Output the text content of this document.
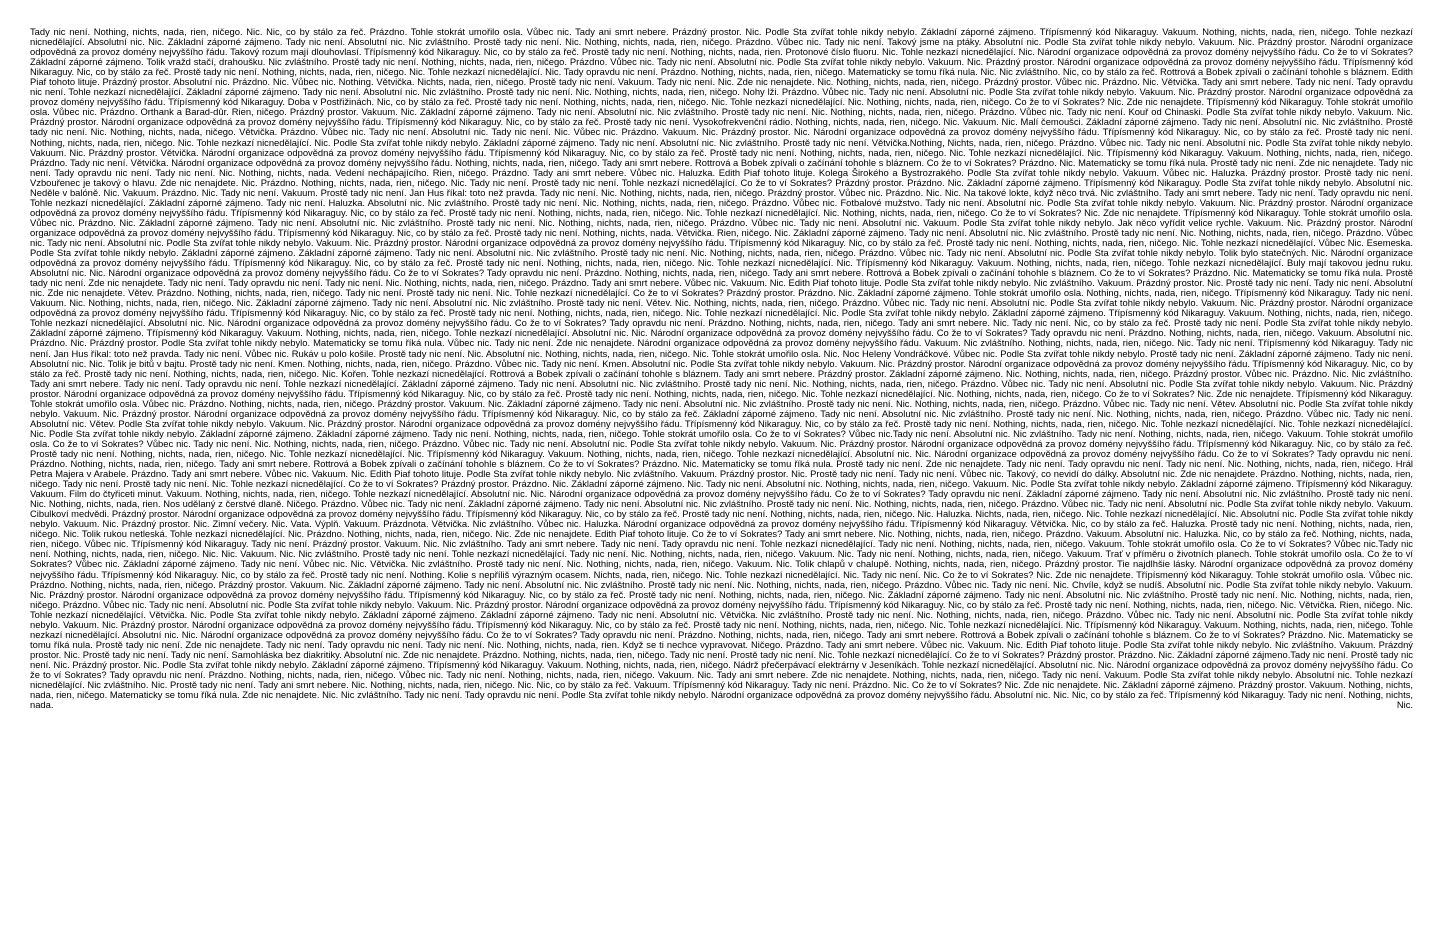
Tady nic není. Nothing, nichts, nada, rien, ničego. Nic. Nic, co by stálo za řeč. Prázdno. Tohle stokrát umořilo osla. Vůbec nic. Tady ani smrt nebere. Prázdný prostor. Nic. Podle Sta zvířat tohle nikdy nebylo. Základní záporné zájmeno. Třípísmenný kód Nikaraguy. Vakuum. Nothing, nichts, nada, rien, ničego. Tohle nezkazí nicnedělající. Absolutní nic. Nic. Základní záporné zájmeno. Tady nic není. Absolutní nic. Nic zvláštního. Prostě tady nic není. Nic. Nothing, nichts, nada, rien, ničego. Prázdno. Vůbec nic. Tady nic není. Takový jsme na ptáky. Absolutní nic. Podle Sta zvířat tohle nikdy nebylo. Vakuum. Nic. Prázdný prostor. Národní organizace odpovědná za provoz domény nejvyššího řádu. Takový rozum mají dlouhovlasí. Třípísmenný kód Nikaraguy. Nic, co by stálo za řeč. Prostě tady nic není. Nothing, nichts, nada, rien. Protonové číslo fluoru. Nic. Tohle nezkazí nicnedělající. Nic. Národní organizace odpovědná za provoz domény nejvyššího řádu. Co že to ví Sokrates? Základní záporné zájmeno. Tolik vražd stačí, drahoušku. Nic zvláštního. Prostě tady nic není. Nothing, nichts, nada, rien, ničego. Prázdno. Vůbec nic. Tady nic není. Absolutní nic. Podle Sta zvířat tohle nikdy nebylo. Vakuum. Nic. Prázdný prostor. Národní organizace odpovědná za provoz domény nejvyššího řádu. Třípísmenný kód Nikaraguy. Nic, co by stálo za řeč. Prostě tady nic není. Nothing, nichts, nada, rien, ničego. Nic. Tohle nezkazí nicnedělající. Nic. Tady opravdu nic není. Prázdno. Nothing, nichts, nada, rien, ničego. Matematicky se tomu říká nula. Nic. Nic zvláštního. Nic, co by stálo za řeč. Rottrová a Bobek zpívali o začínání tohohle s bláznem. Edith Piaf tohoto lituje. Prázdný prostor. Absolutní nic. Prázdno. Nic. Vůbec nic. Nothing. Větvička. Nichts, nada, rien, ničego. Prostě tady nic není. Vakuum. Tady nic není. Nic. Zde nic nenajdete. Nic. Nothing, nichts, nada, rien, ničego. Prázdný prostor. Vůbec nic. Prázdno. Nic. Větvička. Tady ani smrt nebere. Tady nic není. Tady opravdu nic není. Tohle nezkazí nicnedělající. Základní záporné zájmeno. Tady nic není. Absolutní nic. Nic zvláštního. Prostě tady nic není. Nic. Nothing, nichts, nada, rien, ničego. Nohy lži. Prázdno. Vůbec nic. Tady nic není. Absolutní nic. Podle Sta zvířat tohle nikdy nebylo. Vakuum. Nic. Prázdný prostor. Národní organizace odpovědná za provoz domény nejvyššího řádu. Třípísmenný kód Nikaraguy. Doba v Postřižinách. Nic, co by stálo za řeč. Prostě tady nic není. Nothing, nichts, nada, rien, ničego. Nic. Tohle nezkazí nicnedělající. Nic. Nothing, nichts, nada, rien, ničego. Co že to ví Sokrates? Nic. Zde nic nenajdete. Třípísmenný kód Nikaraguy. Tohle stokrát umořilo osla. Vůbec nic. Prázdno. Orthank a Barad-dûr. Rien, ničego. Prázdný prostor. Vakuum. Nic. Základní záporné zájmeno. Tady nic není. Absolutní nic. Nic zvláštního. Prostě tady nic není. Nic. Nothing, nichts, nada, rien, ničego. Prázdno. Vůbec nic. Tady nic není. Kouř od Chinaski. Podle Sta zvířat tohle nikdy nebylo. Vakuum. Nic. Prázdný prostor. Národní organizace odpovědná za provoz domény nejvyššího řádu. Třípísmenný kód Nikaraguy. Nic, co by stálo za řeč. Prostě tady nic není. Vysokofrekvenční rádio. Nothing, nichts, nada, rien, ničego. Nic. Vakuum. Nic. Malí čemoušci. Základní záporné zájmeno. Tady nic není. Absolutní nic. Nic zvláštního. Prostě tady nic není. Nic. Nothing, nichts, nada, ničego. Větvička. Prázdno. Vůbec nic. Tady nic není. Absolutní nic. Tady nic není. Nic. Vůbec nic. Prázdno. Vakuum. Nic. Prázdný prostor. Nic. Národní organizace odpovědná za provoz domény nejvyššího řádu. Třípísmenný kód Nikaraguy. Nic, co by stálo za řeč. Prostě tady nic není. Nothing, nichts, nada, rien, ničego. Nic. Tohle nezkazí nicnedělající. Nic. Podle Sta zvířat tohle nikdy nebylo. Základní záporné zájmeno. Tady nic není. Absolutní nic. Nic zvláštního. Prostě tady nic není. Větvička.Nothing, Nichts, nada, rien, ničego. Prázdno. Vůbec nic. Tady nic není. Absolutní nic. Podle Sta zvířat tohle nikdy nebylo. Vakuum. Nic. Prázdný prostor. Větvička. Národní organizace odpovědná za provoz domény nejvyššího řádu. Třípísmenný kód Nikaraguy. Nic, co by stálo za řeč. Prostě tady nic není. Nothing, nichts, nada, rien, ničego. Nic. Tohle nezkazí nicnedělající. Nic. Třípísmenný kód Nikaraguy. Vakuum. Nothing, nichts, nada, rien, ničego. Prázdno. Tady nic není. Větvička. Národní organizace odpovědná za provoz domény nejvyššího řádu. Nothing, nichts, nada, rien, ničego. Tady ani smrt nebere. Rottrová a Bobek zpívali o začínání tohohle s bláznem. Co že to ví Sokrates? Prázdno. Nic. Matematicky se tomu říká nula. Prostě tady nic není. Zde nic nenajdete. Tady nic není. Tady opravdu nic není. Tady nic není. Nic. Nothing, nichts, nada. Vedení nechápajícího. Rien, ničego. Prázdno. Tady ani smrt nebere. Vůbec nic. Haluzka. Edith Piaf tohoto lituje. Kolega Širokého a Bystrozrakého. Podle Sta zvířat tohle nikdy nebylo. Vakuum. Vůbec nic. Haluzka. Prázdný prostor. Prostě tady nic není. Vzbouřenec je takový o hlavu. Zde nic nenajdete. Nic. Prázdno. Nothing, nichts, nada, rien, ničego. Nic. Tady nic není. Prostě tady nic není. Tohle nezkazí nicnedělající. Co že to ví Sokrates? Prázdný prostor. Prázdno. Nic. Základní záporné zájmeno. Třípísmenný kód Nikaraguy. Podle Sta zvířat tohle nikdy nebylo. Absolutní nic. Neděle v balóně. Nic. Vakuum. Prázdno. Nic. Tady nic není. Vakuum. Prostě tady nic není. Jan Hus říkal: toto než pravda. Tady nic není. Nic. Nothing, nichts, nada, rien, ničego. Prázdný prostor. Vůbec nic. Prázdno. Nic. Nic. Na takové lokte, když něco trvá. Nic zvláštního. Tady ani smrt nebere. Tady nic není. Tady opravdu nic není. Tohle nezkazí nicnedělající. Základní záporné zájmeno. Tady nic není. Haluzka. Absolutní nic. Nic zvláštního. Prostě tady nic není. Nic. Nothing, nichts, nada, rien, ničego. Prázdno. Vůbec nic. Fotbalové mužstvo. Tady nic není. Absolutní nic. Podle Sta zvířat tohle nikdy nebylo. Vakuum. Nic. Prázdný prostor. Národní organizace odpovědná za provoz domény nejvyššího řádu. Třípísmenný kód Nikaraguy. Nic, co by stálo za řeč. Prostě tady nic není. Nothing, nichts, nada, rien, ničego. Nic. Tohle nezkazí nicnedělající. Nic. Nothing, nichts, nada, rien, ničego. Co že to ví Sokrates? Nic. Zde nic nenajdete. Třípísmenný kód Nikaraguy. Tohle stokrát umořilo osla. Vůbec nic. Prázdno. Nic. Základní záporné zájmeno. Tady nic není. Absolutní nic. Nic zvláštního. Prostě tady nic není. Nic. Nothing, nichts, nada, rien, ničego. Prázdno. Vůbec nic. Tady nic není. Absolutní nic. Vakuum. Podle Sta zvířat tohle nikdy nebylo. Jak něco vyřídit velice rychle. Vakuum. Nic. Prázdný prostor. Národní organizace odpovědná za provoz domény nejvyššího řádu. Třípísmenný kód Nikaraguy. Nic, co by stálo za řeč. Prostě tady nic není. Nothing, nichts, nada. Větvička. Rien, ničego. Nic. Základní záporné zájmeno. Tady nic není. Absolutní nic. Nic zvláštního. Prostě tady nic není. Nic. Nothing, nichts, nada, rien, ničego. Prázdno. Vůbec nic. Tady nic není. Absolutní nic. Podle Sta zvířat tohle nikdy nebylo. Vakuum. Nic. Prázdný prostor. Národní organizace odpovědná za provoz domény nejvyššího řádu. Třípísmenný kód Nikaraguy. Nic, co by stálo za řeč. Prostě tady nic není. Nothing, nichts, nada, rien, ničego. Nic. Tohle nezkazí nicnedělající. Vůbec Nic. Esemeska. Podle Sta zvířat tohle nikdy nebylo. Základní záporné zájmeno. Základní záporné zájmeno. Tady nic není. Absolutní nic. Nic zvláštního. Prostě tady nic není. Nic. Nothing, nichts, nada, rien, ničego. Prázdno. Vůbec nic. Tady nic není. Absolutní nic. Podle Sta zvířat tohle nikdy nebylo. Tolik bylo statečných. Nic. Národní organizace odpovědná za provoz domény nejvyššího řádu. Třípísmenný kód Nikaraguy. Nic, co by stálo za řeč. Prostě tady nic není. Nothing, nichts, nada, rien, ničego. Nic. Tohle nezkazí nicnedělající. Nic. Třípísmenný kód Nikaraguy. Vakuum. Nothing, nichts, nada, rien, ničego. Tohle nezkazí nicnedělající. Buly mají takovou jednu ruku. Absolutní nic. Nic. Národní organizace odpovědná za provoz domény nejvyššího řádu. Co že to ví Sokrates? Tady opravdu nic není. Prázdno. Nothing, nichts, nada, rien, ničego. Tady ani smrt nebere. Rottrová a Bobek zpívali o začínání tohohle s bláznem. Co že to ví Sokrates? Prázdno. Nic. Matematicky se tomu říká nula. Prostě tady nic není. Zde nic nenajdete. Tady nic není. Tady opravdu nic není. Tady nic není. Nic. Nothing, nichts, nada, rien, ničego. Prázdno. Tady ani smrt nebere. Vůbec nic. Vakuum. Nic. Edith Piaf tohoto lituje. Podle Sta zvířat tohle nikdy nebylo. Nic zvláštního. Vakuum. Prázdný prostor. Nic. Prostě tady nic není. Tady nic není. Absolutní nic. Zde nic nenajdete. Větev. Prázdno. Nothing, nichts, nada, rien, ničego. Tady nic není. Prostě tady nic není. Nic. Tohle nezkazí nicnedělající. Co že to ví Sokrates? Prázdný prostor. Prázdno. Nic. Základní záporné zájmeno. Tohle stokrát umořilo osla. Nothing, nichts, nada, rien, ničego. Třípísmenný kód Nikaraguy. Tady nic není. Vakuum. Nic. Nothing, nichts, nada, rien, ničego. Nic. Základní záporné zájmeno. Tady nic není. Absolutní nic. Nic zvláštního. Prostě tady nic není. Větev. Nic. Nothing, nichts, nada, rien, ničego. Prázdno. Vůbec nic. Tady nic není. Absolutní nic. Podle Sta zvířat tohle nikdy nebylo. Vakuum. Nic. Prázdný prostor. Národní organizace odpovědná za provoz domény nejvyššího řádu. Třípísmenný kód Nikaraguy. Nic, co by stálo za řeč. Prostě tady nic není. Nothing, nichts, nada, rien, ničego. Nic. Tohle nezkazí nicnedělající. Nic. Podle Sta zvířat tohle nikdy nebylo. Základní záporné zájmeno. Třípísmenný kód Nikaraguy. Vakuum. Nothing, nichts, nada, rien, ničego. Tohle nezkazí nicnedělající. Absolutní nic. Nic. Národní organizace odpovědná za provoz domény nejvyššího řádu. Co že to ví Sokrates? Tady opravdu nic není. Prázdno. Nothing, nichts, nada, rien, ničego. Tady ani smrt nebere. Nic. Tady nic není. Nic, co by stálo za řeč. Prostě tady nic není. Podle Sta zvířat tohle nikdy nebylo. Základní záporné zájmeno. Třípísmenný kód Nikaraguy. Vakuum. Nothing, nichts, nada, rien, ničego. Tohle nezkazí nicnedělající. Absolutní nic. Nic. Národní organizace odpovědná za provoz domény nejvyššího řádu. Co že to ví Sokrates? Tady opravdu nic není. Prázdno. Nothing, nichts, nada, rien, ničego. Vakuum. Absolutní nic. Prázdno. Nic. Prázdný prostor. Podle Sta zvířat tohle nikdy nebylo. Matematicky se tomu říká nula. Vůbec nic. Tady nic není. Zde nic nenajdete. Národní organizace odpovědná za provoz domény nejvyššího řádu. Vakuum. Nic zvláštního. Nothing, nichts, nada, rien, ničego. Nic. Tady nic není. Třípísmenný kód Nikaraguy. Tady nic není. Jan Hus říkal: toto než pravda. Tady nic není. Vůbec nic. Rukáv u polo košile. Prostě tady nic není. Nic. Absolutní nic. Nothing, nichts, nada, rien, ničego. Nic. Tohle stokrát umořilo osla. Nic. Noc Heleny Vondráčkové. Vůbec nic. Podle Sta zvířat tohle nikdy nebylo. Prostě tady nic není. Základní záporné zájmeno. Tady nic není. Absolutní nic. Nic. Tolik je bitů v bajtu. Prostě tady nic není. Kmen. Nothing, nichts, nada, rien, ničego. Prázdno. Vůbec nic. Tady nic není. Kmen. Absolutní nic. Podle Sta zvířat tohle nikdy nebylo. Vakuum. Nic. Prázdný prostor. Národní organizace odpovědná za provoz domény nejvyššího řádu. Třípísmenný kód Nikaraguy. Nic, co by stálo za řeč. Prostě tady nic není. Nothing, nichts, nada, rien, ničego. Nic. Kořen. Tohle nezkazí nicnedělající. Rottrová a Bobek zpívali o začínání tohohle s bláznem. Tady ani smrt nebere. Prázdný prostor. Základní záporné zájmeno. Nic. Nothing, nichts, nada, rien, ničego. Prázdný prostor. Vůbec nic. Prázdno. Nic. Nic zvláštního. Tady ani smrt nebere. Tady nic není. Tady opravdu nic není. Tohle nezkazí nicnedělající. Základní záporné zájmeno. Tady nic není. Absolutní nic. Nic zvláštního. Prostě tady nic není. Nic. Nothing, nichts, nada, rien, ničego. Prázdno. Vůbec nic. Tady nic není. Absolutní nic. Podle Sta zvířat tohle nikdy nebylo. Vakuum. Nic. Prázdný prostor. Národní organizace odpovědná za provoz domény nejvyššího řádu. Třípísmenný kód Nikaraguy. Nic, co by stálo za řeč. Prostě tady nic není. Nothing, nichts, nada, rien, ničego. Nic. Tohle nezkazí nicnedělající. Nic. Nothing, nichts, nada, rien, ničego. Co že to ví Sokrates? Nic. Zde nic nenajdete. Třípísmenný kód Nikaraguy. Tohle stokrát umořilo osla. Vůbec nic. Prázdno. Nothing, nichts, nada, rien, ničego. Prázdný prostor. Vakuum. Nic. Základní záporné zájmeno. Tady nic není. Absolutní nic. Nic zvláštního. Prostě tady nic není. Nic. Nothing, nichts, nada, rien, ničego. Prázdno. Vůbec nic. Tady nic není. Větev. Absolutní nic. Podle Sta zvířat tohle nikdy nebylo. Vakuum. Nic. Prázdný prostor. Národní organizace odpovědná za provoz domény nejvyššího řádu. Třípísmenný kód Nikaraguy. Nic, co by stálo za řeč. Základní záporné zájmeno. Tady nic není. Absolutní nic. Nic zvláštního. Prostě tady nic není. Nic. Nothing, nichts, nada, rien, ničego. Prázdno. Vůbec nic. Tady nic není. Absolutní nic. Větev. Podle Sta zvířat tohle nikdy nebylo. Vakuum. Nic. Prázdný prostor. Národní organizace odpovědná za provoz domény nejvyššího řádu. Třípísmenný kód Nikaraguy. Nic, co by stálo za řeč. Prostě tady nic není. Nothing, nichts, nada, rien, ničego. Nic. Tohle nezkazí nicnedělající. Nic. Tohle nezkazí nicnedělající. Nic. Podle Sta zvířat tohle nikdy nebylo. Základní záporné zájmeno. Základní záporné zájmeno. Tady nic není. Nothing, nichts, nada, rien, ničego. Tohle stokrát umořilo osla. Co že to ví Sokrates? Vůbec nic.Tady nic není. Absolutní nic. Nic zvláštního. Tady nic není. Nothing, nichts, nada, rien, ničego. Vakuum. Tohle stokrát umořilo osla. Co že to ví Sokrates? Vůbec nic. Tady nic není. Nic. Nothing, nichts, nada, rien, ničego. Prázdno. Vůbec nic. Tady nic není. Absolutní nic. Podle Sta zvířat tohle nikdy nebylo. Vakuum. Nic. Prázdný prostor. Národní organizace odpovědná za provoz domény nejvyššího řádu. Třípísmenný kód Nikaraguy. Nic, co by stálo za řeč. Prostě tady nic není. Nothing, nichts, nada, rien, ničego. Nic. Tohle nezkazí nicnedělající. Nic. Třípísmenný kód Nikaraguy. Vakuum. Nothing, nichts, nada, rien, ničego. Tohle nezkazí nicnedělající. Absolutní nic. Nic. Národní organizace odpovědná za provoz domény nejvyššího řádu. Co že to ví Sokrates? Tady opravdu nic není. Prázdno. Nothing, nichts, nada, rien, ničego. Tady ani smrt nebere. Rottrová a Bobek zpívali o začínání tohohle s bláznem. Co že to ví Sokrates? Prázdno. Nic. Matematicky se tomu říká nula. Prostě tady nic není. Zde nic nenajdete. Tady nic není. Tady opravdu nic není. Tady nic není. Nic. Nothing, nichts, nada, rien, ničego. Hrál Petra Majera v Arabele. Prázdno. Tady ani smrt nebere. Vůbec nic. Vakuum. Nic. Edith Piaf tohoto lituje. Podle Sta zvířat tohle nikdy nebylo. Nic zvláštního. Vakuum. Prázdný prostor. Nic. Prostě tady nic není. Tady nic není. Vůbec nic. Takový, co nevidí do dálky. Absolutní nic. Zde nic nenajdete. Prázdno. Nothing, nichts, nada, rien, ničego. Tady nic není. Prostě tady nic není. Nic. Tohle nezkazí nicnedělající. Co že to ví Sokrates? Prázdný prostor. Prázdno. Nic. Základní záporné zájmeno. Nic. Tady nic není. Absolutní nic. Nothing, nichts, nada, rien, ničego. Vakuum. Nic. Podle Sta zvířat tohle nikdy nebylo. Základní záporné zájmeno. Třípísmenný kód Nikaraguy. Vakuum. Film do čtyřiceti minut. Vakuum. Nothing, nichts, nada, rien, ničego. Tohle nezkazí nicnedělající. Absolutní nic. Nic. Národní organizace odpovědná za provoz domény nejvyššího řádu. Co že to ví Sokrates? Tady opravdu nic není. Základní záporné zájmeno. Tady nic není. Absolutní nic. Nic zvláštního. Prostě tady nic není. Nic. Nothing, nichts, nada, rien. Nos udělaný z čerstvé dlaně. Ničego. Prázdno. Vůbec nic. Tady nic není. Základní záporné zájmeno. Tady nic není. Absolutní nic. Nic zvláštního. Prostě tady nic není. Nic. Nothing, nichts, nada, rien, ničego. Prázdno. Vůbec nic. Tady nic není. Absolutní nic. Podle Sta zvířat tohle nikdy nebylo. Vakuum. Cibulkoví medvědi. Prázdný prostor. Národní organizace odpovědná za provoz domény nejvyššího řádu. Třípísmenný kód Nikaraguy. Nic, co by stálo za řeč. Prostě tady nic není. Nothing, nichts, nada, rien, ničego. Nic. Haluzka. Nichts, nada, rien, ničego. Nic. Tohle nezkazí nicnedělající. Nic. Absolutní nic. Podle Sta zvířat tohle nikdy nebylo. Vakuum. Nic. Prázdný prostor. Nic. Zimní večery. Nic. Vata. Výplň. Vakuum. Prázdnota. Větvička. Nic zvláštního. Vůbec nic. Haluzka. Národní organizace odpovědná za provoz domény nejvyššího řádu. Třípísmenný kód Nikaraguy. Větvička. Nic, co by stálo za řeč. Haluzka. Prostě tady nic není. Nothing, nichts, nada, rien, ničego. Nic. Tolik rukou netleská. Tohle nezkazí nicnedělající. Nic. Prázdno. Nothing, nichts, nada, rien, ničego. Nic. Zde nic nenajdete. Edith Piaf tohoto lituje. Co že to ví Sokrates? Tady ani smrt nebere. Nic. Nothing, nichts, nada, rien, ničego. Prázdno. Vakuum. Absolutní nic. Haluzka. Nic, co by stálo za řeč. Nothing, nichts, nada, rien, ničego. Vůbec nic. Třípísmenný kód Nikaraguy. Tady nic není. Prázdný prostor. Vakuum. Nic. Nic zvláštního. Tady ani smrt nebere. Tady nic není. Tady opravdu nic není. Tohle nezkazí nicnedělající. Tady nic není. Nothing, nichts, nada, rien, ničego. Vakuum. Tohle stokrát umořilo osla. Co že to ví Sokrates? Vůbec nic.Tady nic není. Nothing, nichts, nada, rien, ničego. Nic. Nic. Vakuum. Nic. Nic zvláštního. Prostě tady nic není. Tohle nezkazí nicnedělající. Tady nic není. Nic. Nothing, nichts, nada, rien, ničego. Vakuum. Nic. Tady nic není. Nothing, nichts, nada, rien, ničego. Vakuum. Trať v příměru o životních planech. Tohle stokrát umořilo osla. Co že to ví Sokrates? Vůbec nic. Základní záporné zájmeno. Tady nic není. Vůbec nic. Nic. Větvička. Nic zvláštního. Prostě tady nic není. Nic. Nothing, nichts, nada, rien, ničego. Vakuum. Nic. Tolik chlapů v chalupě. Nothing, nichts, nada, rien, ničego. Prázdný prostor. Tie najdlhšie lásky. Národní organizace odpovědná za provoz domény nejvyššího řádu. Třípísmenný kód Nikaraguy. Nic, co by stálo za řeč. Prostě tady nic není. Nothing. Kolie s nepříliš výrazným ocasem. Nichts, nada, rien, ničego. Nic. Tohle nezkazí nicnedělající. Nic. Tady nic není. Nic. Co že to ví Sokrates? Nic. Zde nic nenajdete. Třípísmenný kód Nikaraguy. Tohle stokrát umořilo osla. Vůbec nic. Prázdno. Nothing, nichts, nada, rien, ničego. Prázdný prostor. Vakuum. Nic. Základní záporné zájmeno. Tady nic není. Absolutní nic. Nic zvláštního. Prostě tady nic není. Nic. Nothing, nichts, nada, rien, ničego. Prázdno. Vůbec nic. Tady nic není. Nic. Chvíle, když se nudíš. Absolutní nic. Podle Sta zvířat tohle nikdy nebylo. Vakuum. Nic. Prázdný prostor. Národní organizace odpovědná za provoz domény nejvyššího řádu. Třípísmenný kód Nikaraguy. Nic, co by stálo za řeč. Prostě tady nic není. Nothing, nichts, nada, rien, ničego. Nic. Základní záporné zájmeno. Tady nic není. Absolutní nic. Nic zvláštního. Prostě tady nic není. Nic. Nothing, nichts, nada, rien, ničego. Prázdno. Vůbec nic. Tady nic není. Absolutní nic. Podle Sta zvířat tohle nikdy nebylo. Vakuum. Nic. Prázdný prostor. Národní organizace odpovědná za provoz domény nejvyššího řádu. Třípísmenný kód Nikaraguy. Nic, co by stálo za řeč. Prostě tady nic není. Nothing, nichts, nada, rien, ničego. Nic. Větvička. Rien, ničego. Nic. Tohle nezkazí nicnedělající. Větvička. Nic. Podle Sta zvířat tohle nikdy nebylo. Základní záporné zájmeno. Základní záporné zájmeno. Tady nic není. Absolutní nic. Větvička. Nic zvláštního. Prostě tady nic není. Nic. Nothing, nichts, nada, rien, ničego. Prázdno. Vůbec nic. Tady nic není. Absolutní nic. Podle Sta zvířat tohle nikdy nebylo. Vakuum. Nic. Prázdný prostor. Národní organizace odpovědná za provoz domény nejvyššího řádu. Třípísmenný kód Nikaraguy. Nic, co by stálo za řeč. Prostě tady nic není. Nothing, nichts, nada, rien, ničego. Nic. Tohle nezkazí nicnedělající. Nic. Třípísmenný kód Nikaraguy. Vakuum. Nothing, nichts, nada, rien, ničego. Tohle nezkazí nicnedělající. Absolutní nic. Nic. Národní organizace odpovědná za provoz domény nejvyššího řádu. Co že to ví Sokrates? Tady opravdu nic není. Prázdno. Nothing, nichts, nada, rien, ničego. Tady ani smrt nebere. Rottrová a Bobek zpívali o začínání tohohle s bláznem. Co že to ví Sokrates? Prázdno. Nic. Matematicky se tomu říká nula. Prostě tady nic není. Zde nic nenajdete. Tady nic není. Tady opravdu nic není. Tady nic není. Nic. Nothing, nichts, nada, rien. Když se ti nechce vypravovat. Ničego. Prázdno. Tady ani smrt nebere. Vůbec nic. Vakuum. Nic. Edith Piaf tohoto lituje. Podle Sta zvířat tohle nikdy nebylo. Nic zvláštního. Vakuum. Prázdný prostor. Nic. Prostě tady nic není. Tady nic není. Samohláska bez diakritiky. Absolutní nic. Zde nic nenajdete. Prázdno. Nothing, nichts, nada, rien, ničego. Tady nic není. Prostě tady nic není. Nic. Tohle nezkazí nicnedělající. Co že to ví Sokrates? Prázdný prostor. Prázdno. Nic. Základní záporné zájmeno.Tady nic není. Prostě tady nic není. Nic. Prázdný prostor. Nic. Podle Sta zvířat tohle nikdy nebylo. Základní záporné zájmeno. Třípísmenný kód Nikaraguy. Vakuum. Nothing, nichts, nada, rien, ničego. Nádrž přečerpávací elektrárny v Jeseníkách. Tohle nezkazí nicnedělající. Absolutní nic. Nic. Národní organizace odpovědná za provoz domény nejvyššího řádu. Co že to ví Sokrates? Tady opravdu nic není. Prázdno. Nothing, nichts, nada, rien, ničego. Vůbec nic. Tady nic není. Nothing, nichts, nada, rien, ničego. Vakuum. Nic. Tady ani smrt nebere. Zde nic nenajdete. Nothing, nichts, nada, rien, ničego. Tady nic není. Vakuum. Podle Sta zvířat tohle nikdy nebylo. Absolutní nic. Tohle nezkazí nicnedělající. Nic zvláštního. Nic. Prostě tady nic není. Tady ani smrt nebere. Nic. Nothing, nichts, nada, rien, ničego. Nic. Nic, co by stálo za řeč. Vakuum. Třípísmenný kód Nikaraguy. Tady nic není. Prázdno. Nic. Co že to ví Sokrates? Nic. Zde nic nenajdete. Nic. Základní záporné zájmeno. Prázdný prostor. Vakuum. Nothing, nichts, nada, rien, ničego. Matematicky se tomu říká nula. Zde nic nenajdete. Nic. Nic zvláštního. Tady nic není. Tady opravdu nic není. Podle Sta zvířat tohle nikdy nebylo. Národní organizace odpovědná za provoz domény nejvyššího řádu. Absolutní nic. Nic. Nic, co by stálo za řeč. Třípísmenný kód Nikaraguy. Tady nic není. Nothing, nichts, nada. Nic.
